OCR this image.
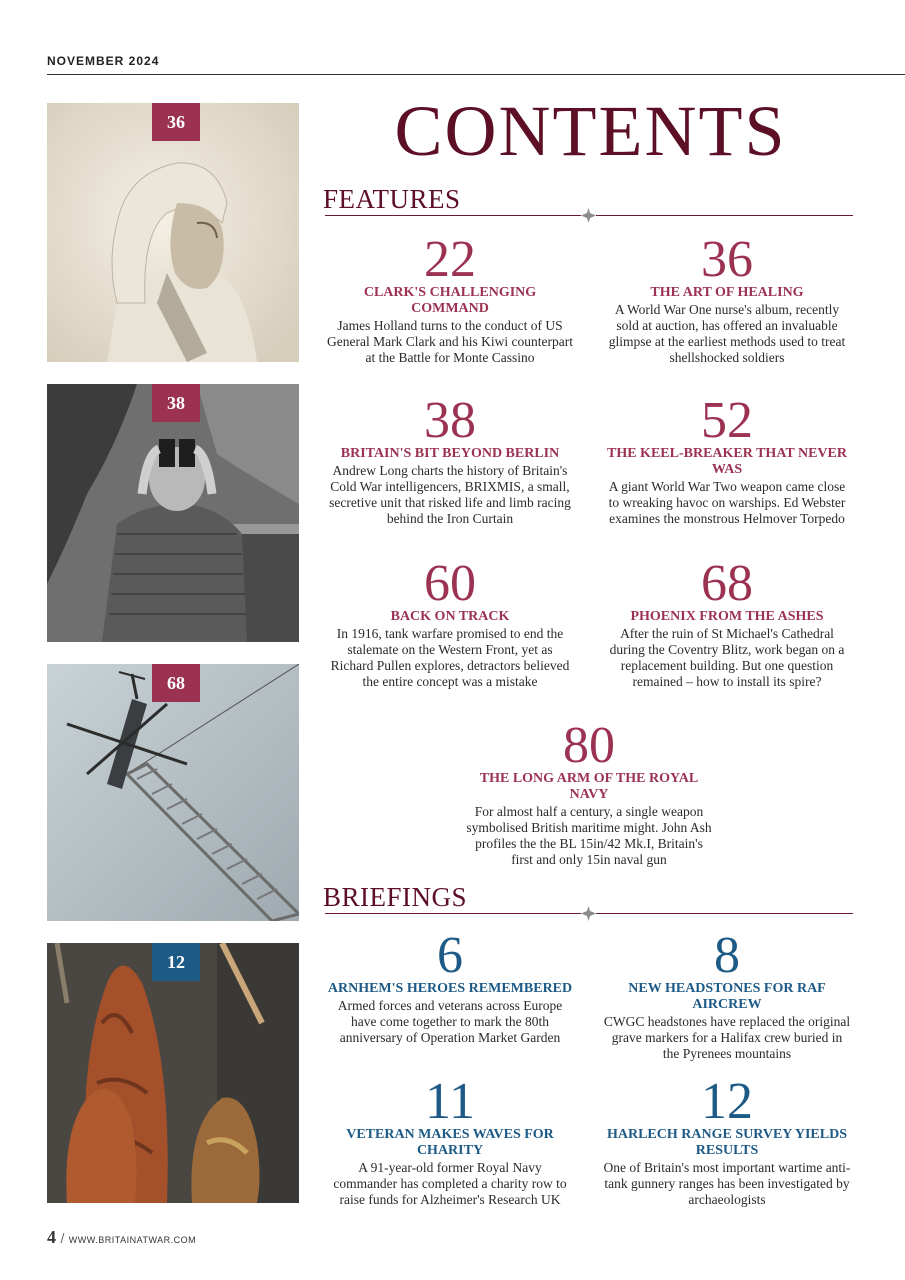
NOVEMBER 2024
36
38
68
12
CONTENTS
FEATURES
22
CLARK'S CHALLENGING COMMAND
James Holland turns to the conduct of US General Mark Clark and his Kiwi counterpart at the Battle for Monte Cassino
36
THE ART OF HEALING
A World War One nurse's album, recently sold at auction, has offered an invaluable glimpse at the earliest methods used to treat shellshocked soldiers
38
BRITAIN'S BIT BEYOND BERLIN
Andrew Long charts the history of Britain's Cold War intelligencers, BRIXMIS, a small, secretive unit that risked life and limb racing behind the Iron Curtain
52
THE KEEL-BREAKER THAT NEVER WAS
A giant World War Two weapon came close to wreaking havoc on warships. Ed Webster examines the monstrous Helmover Torpedo
60
BACK ON TRACK
In 1916, tank warfare promised to end the stalemate on the Western Front, yet as Richard Pullen explores, detractors believed the entire concept was a mistake
68
PHOENIX FROM THE ASHES
After the ruin of St Michael's Cathedral during the Coventry Blitz, work began on a replacement building. But one question remained – how to install its spire?
80
THE LONG ARM OF THE ROYAL NAVY
For almost half a century, a single weapon symbolised British maritime might. John Ash profiles the the BL 15in/42 Mk.I, Britain's first and only 15in naval gun
BRIEFINGS
6
ARNHEM'S HEROES REMEMBERED
Armed forces and veterans across Europe have come together to mark the 80th anniversary of Operation Market Garden
8
NEW HEADSTONES FOR RAF AIRCREW
CWGC headstones have replaced the original grave markers for a Halifax crew buried in the Pyrenees mountains
11
VETERAN MAKES WAVES FOR CHARITY
A 91-year-old former Royal Navy commander has completed a charity row to raise funds for Alzheimer's Research UK
12
HARLECH RANGE SURVEY YIELDS RESULTS
One of Britain's most important wartime anti-tank gunnery ranges has been investigated by archaeologists
4 / WWW.BRITAINATWAR.COM
